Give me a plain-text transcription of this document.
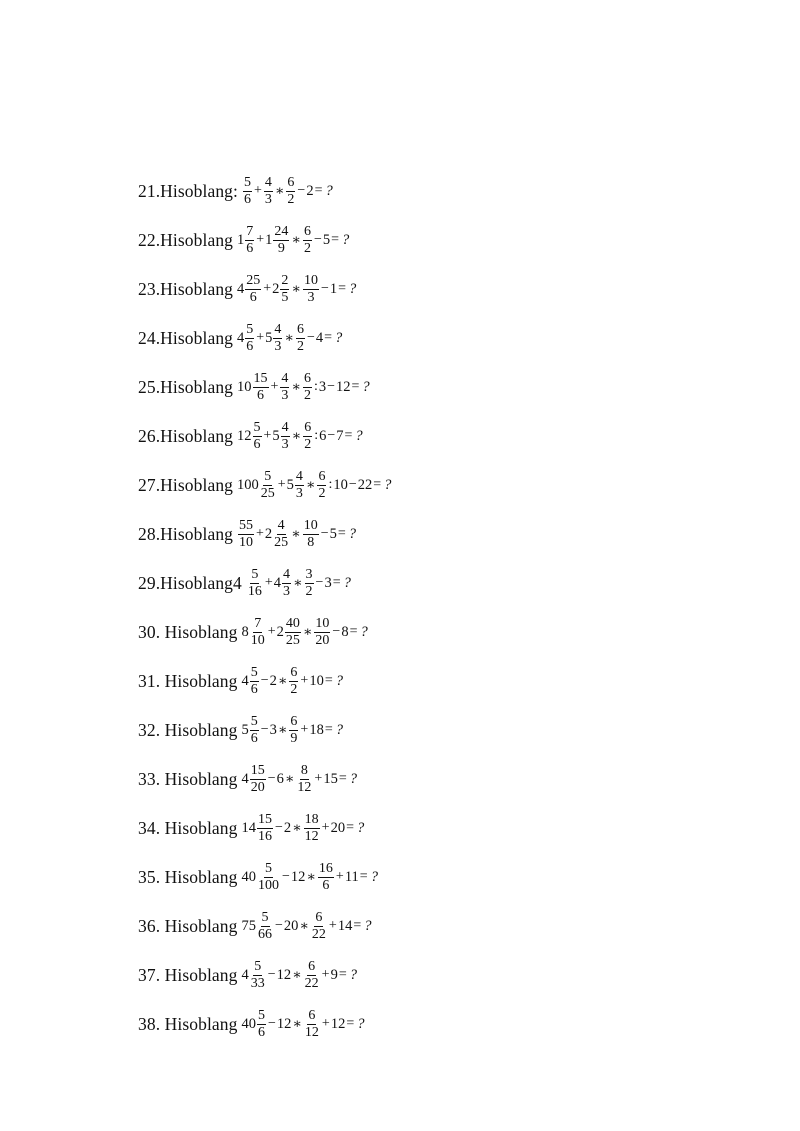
21.Hisoblang: $\frac{5}{6} + \frac{4}{3}$ ∗ $\frac{6}{2} - 2$ = ?
22.Hisoblang $1 \frac{7}{6} + 1 \frac{24}{9}$ ∗ $\frac{6}{2} - 5$ = ?
23.Hisoblang $4 \frac{25}{6} + 2 \frac{2}{5}$ ∗ $\frac{10}{3} - 1$ = ?
24.Hisoblang $4 \frac{5}{6} + 5 \frac{4}{3}$ ∗ $\frac{6}{2} - 4$ = ?
25.Hisoblang $10 \frac{15}{6} + \frac{4}{3}$ ∗ $\frac{6}{2}$ : 3 − 12 = ?
26.Hisoblang $12 \frac{5}{6} + 5 \frac{4}{3}$ ∗ $\frac{6}{2}$ : 6 − 7 = ?
27.Hisoblang $100 \frac{5}{25} + 5 \frac{4}{3}$ ∗ $\frac{6}{2}$ : 10 − 22 = ?
28.Hisoblang $\frac{55}{10} + 2 \frac{4}{25}$ ∗ $\frac{10}{8} - 5$ = ?
29.Hisoblang4 $\frac{5}{16} + 4 \frac{4}{3}$ ∗ $\frac{3}{2} - 3$ = ?
30. Hisoblang $8 \frac{7}{10} + 2 \frac{40}{25}$ ∗ $\frac{10}{20} - 8$ = ?
31. Hisoblang $4 \frac{5}{6} - 2$ ∗ $\frac{6}{2} + 10$ = ?
32. Hisoblang $5 \frac{5}{6} - 3$ ∗ $\frac{6}{9} + 18$ = ?
33. Hisoblang $4 \frac{15}{20} - 6$ ∗ $\frac{8}{12} + 15$ = ?
34. Hisoblang $14 \frac{15}{16} - 2$ ∗ $\frac{18}{12} + 20$ = ?
35. Hisoblang $40 \frac{5}{100} - 12$ ∗ $\frac{16}{6} + 11$ = ?
36. Hisoblang $75 \frac{5}{66} - 20$ ∗ $\frac{6}{22} + 14$ = ?
37. Hisoblang $4 \frac{5}{33} - 12$ ∗ $\frac{6}{22} + 9$ = ?
38. Hisoblang $40 \frac{5}{6} - 12$ ∗ $\frac{6}{12} + 12$ = ?
